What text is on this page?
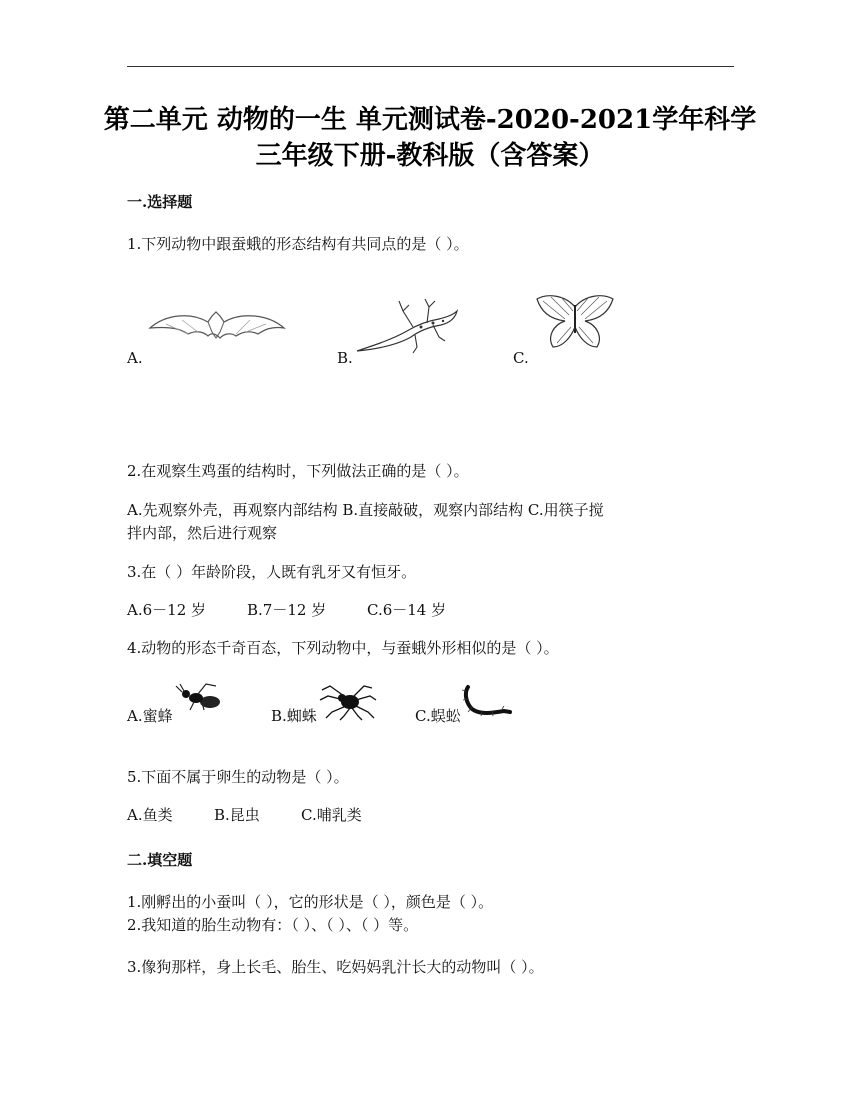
第二单元 动物的一生 单元测试卷-2020-2021学年科学
三年级下册-教科版（含答案）
一.选择题
1.下列动物中跟蚕蛾的形态结构有共同点的是（ ）。
A.	B.	C.
2.在观察生鸡蛋的结构时，下列做法正确的是（ ）。
A.先观察外壳，再观察内部结构 B.直接敲破，观察内部结构 C.用筷子搅
拌内部，然后进行观察
3.在（ ）年龄阶段，人既有乳牙又有恒牙。
A.6－12 岁	B.7－12 岁	C.6－14 岁
4.动物的形态千奇百态，下列动物中，与蚕蛾外形相似的是（ ）。
A.蜜蜂	B.蜘蛛	C.蜈蚣
5.下面不属于卵生的动物是（ ）。
A.鱼类	B.昆虫	C.哺乳类
二.填空题
1.刚孵出的小蚕叫（ ），它的形状是（ ），颜色是（ ）。
2.我知道的胎生动物有：（ ）、（ ）、（ ）等。
3.像狗那样，身上长毛、胎生、吃妈妈乳汁长大的动物叫（ ）。
